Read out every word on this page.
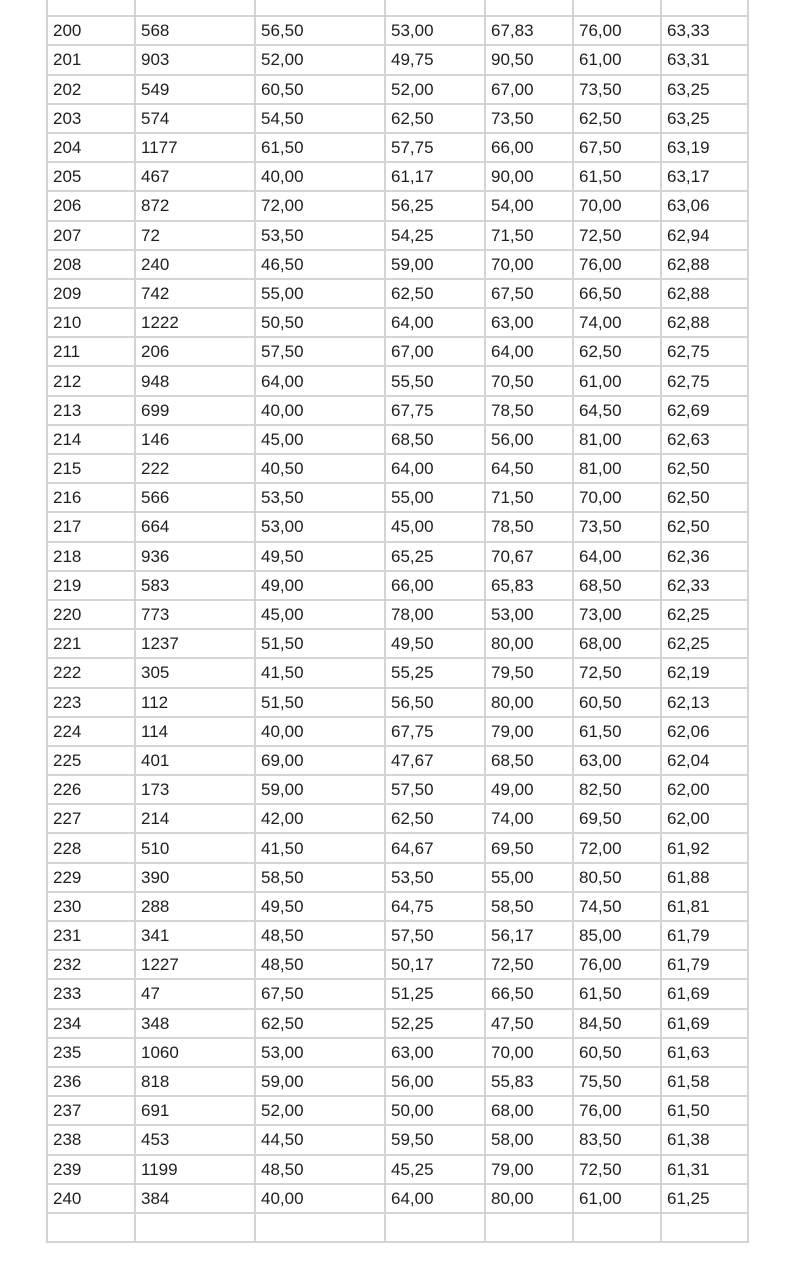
200	568	56,50	53,00	67,83	76,00	63,33
201	903	52,00	49,75	90,50	61,00	63,31
202	549	60,50	52,00	67,00	73,50	63,25
203	574	54,50	62,50	73,50	62,50	63,25
204	1177	61,50	57,75	66,00	67,50	63,19
205	467	40,00	61,17	90,00	61,50	63,17
206	872	72,00	56,25	54,00	70,00	63,06
207	72	53,50	54,25	71,50	72,50	62,94
208	240	46,50	59,00	70,00	76,00	62,88
209	742	55,00	62,50	67,50	66,50	62,88
210	1222	50,50	64,00	63,00	74,00	62,88
211	206	57,50	67,00	64,00	62,50	62,75
212	948	64,00	55,50	70,50	61,00	62,75
213	699	40,00	67,75	78,50	64,50	62,69
214	146	45,00	68,50	56,00	81,00	62,63
215	222	40,50	64,00	64,50	81,00	62,50
216	566	53,50	55,00	71,50	70,00	62,50
217	664	53,00	45,00	78,50	73,50	62,50
218	936	49,50	65,25	70,67	64,00	62,36
219	583	49,00	66,00	65,83	68,50	62,33
220	773	45,00	78,00	53,00	73,00	62,25
221	1237	51,50	49,50	80,00	68,00	62,25
222	305	41,50	55,25	79,50	72,50	62,19
223	112	51,50	56,50	80,00	60,50	62,13
224	114	40,00	67,75	79,00	61,50	62,06
225	401	69,00	47,67	68,50	63,00	62,04
226	173	59,00	57,50	49,00	82,50	62,00
227	214	42,00	62,50	74,00	69,50	62,00
228	510	41,50	64,67	69,50	72,00	61,92
229	390	58,50	53,50	55,00	80,50	61,88
230	288	49,50	64,75	58,50	74,50	61,81
231	341	48,50	57,50	56,17	85,00	61,79
232	1227	48,50	50,17	72,50	76,00	61,79
233	47	67,50	51,25	66,50	61,50	61,69
234	348	62,50	52,25	47,50	84,50	61,69
235	1060	53,00	63,00	70,00	60,50	61,63
236	818	59,00	56,00	55,83	75,50	61,58
237	691	52,00	50,00	68,00	76,00	61,50
238	453	44,50	59,50	58,00	83,50	61,38
239	1199	48,50	45,25	79,00	72,50	61,31
240	384	40,00	64,00	80,00	61,00	61,25
